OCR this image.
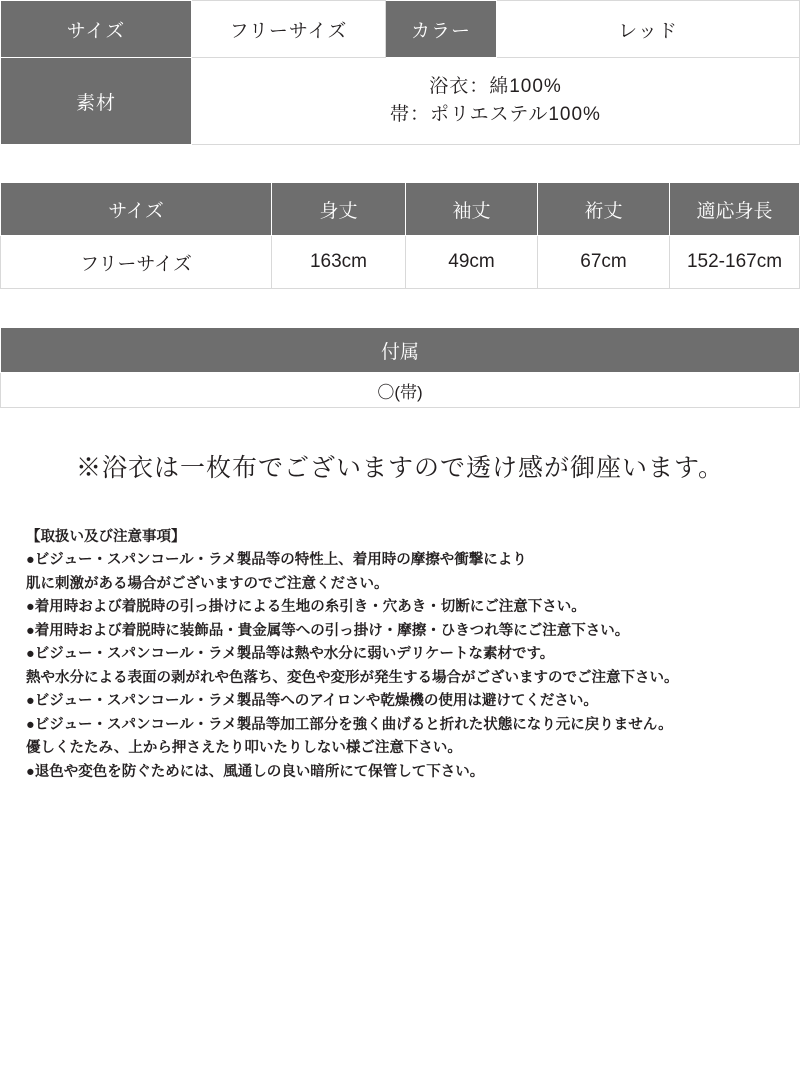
サイズ	フリーサイズ	カラー	レッド
素材	浴衣：綿100%
帯：ポリエステル100%		
サイズ	身丈	袖丈	裄丈	適応身長
フリーサイズ	163cm	49cm	67cm	152-167cm
付属
〇(帯)
※浴衣は一枚布でございますので透け感が御座います。
【取扱い及び注意事項】
●ビジュー・スパンコール・ラメ製品等の特性上、着用時の摩擦や衝撃により
肌に刺激がある場合がございますのでご注意ください。
●着用時および着脱時の引っ掛けによる生地の糸引き・穴あき・切断にご注意下さい。
●着用時および着脱時に装飾品・貴金属等への引っ掛け・摩擦・ひきつれ等にご注意下さい。
●ビジュー・スパンコール・ラメ製品等は熱や水分に弱いデリケートな素材です。
熱や水分による表面の剥がれや色落ち、変色や変形が発生する場合がございますのでご注意下さい。
●ビジュー・スパンコール・ラメ製品等へのアイロンや乾燥機の使用は避けてください。
●ビジュー・スパンコール・ラメ製品等加工部分を強く曲げると折れた状態になり元に戻りません。
優しくたたみ、上から押さえたり叩いたりしない様ご注意下さい。
●退色や変色を防ぐためには、風通しの良い暗所にて保管して下さい。
